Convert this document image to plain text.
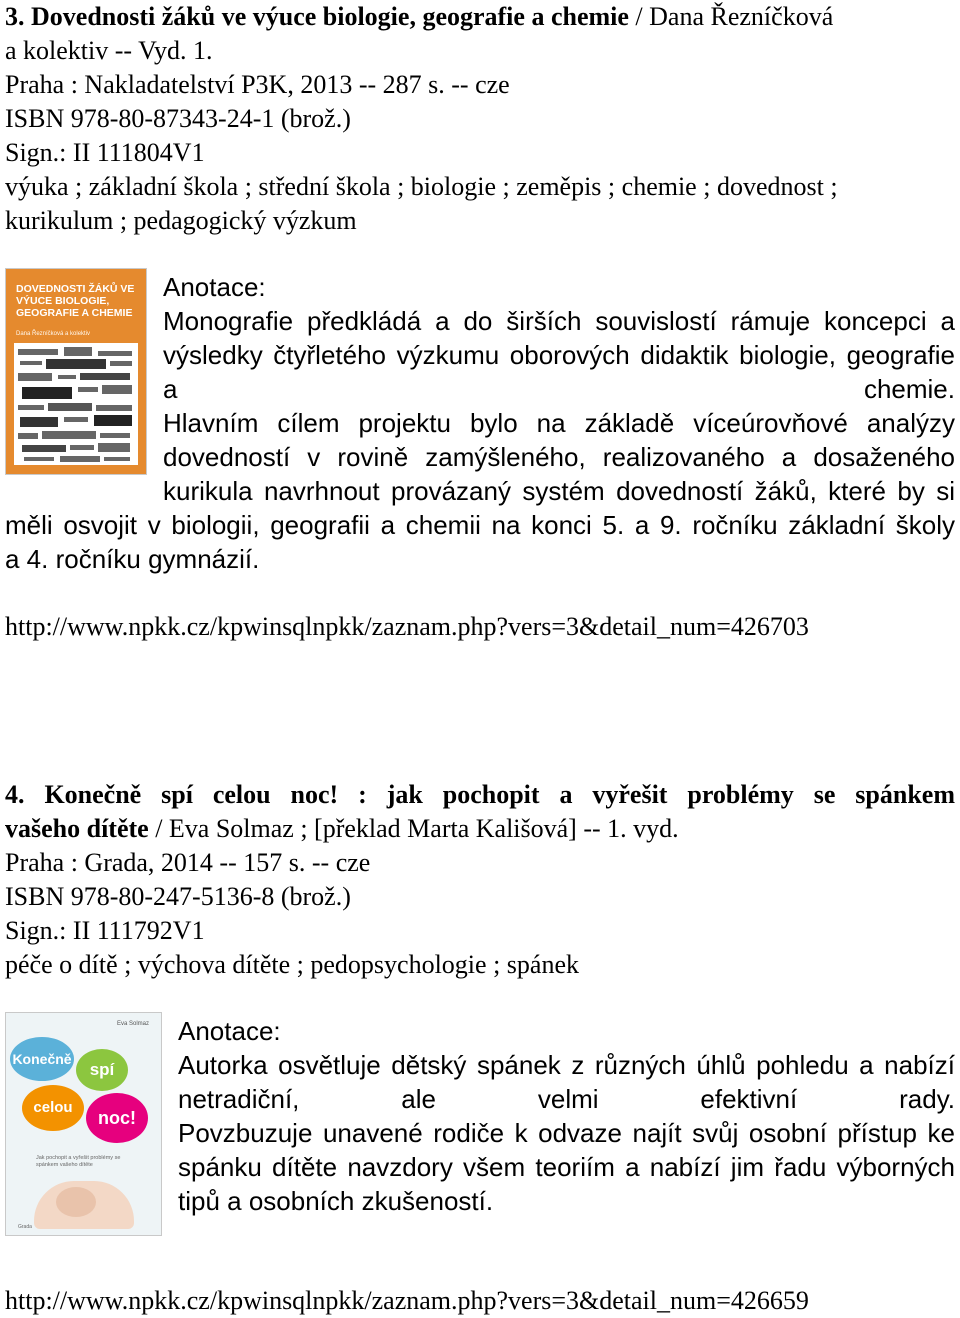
3. Dovednosti žáků ve výuce biologie, geografie a chemie / Dana Řezníčková
a kolektiv -- Vyd. 1.
Praha : Nakladatelství P3K, 2013 -- 287 s. -- cze
ISBN 978-80-87343-24-1 (brož.)
Sign.: II 111804V1
výuka ; základní škola ; střední škola ; biologie ; zeměpis ; chemie ; dovednost ;
kurikulum ; pedagogický výzkum
DOVEDNOSTI ŽÁKŮ VE VÝUCE BIOLOGIE, GEOGRAFIE A CHEMIE
Dana Řezníčková a kolektiv
Anotace:
Monografie předkládá a do širších souvislostí rámuje koncepci a výsledky čtyřletého výzkumu oborových didaktik biologie, geografie a chemie.
Hlavním cílem projektu bylo na základě víceúrovňové analýzy
dovedností v rovině zamýšleného, realizovaného a dosaženého
kurikula navrhnout provázaný systém dovedností žáků, které by si
měli osvojit v biologii, geografii a chemii na konci 5. a 9. ročníku základní školy
a 4. ročníku gymnázií.
http://www.npkk.cz/kpwinsqlnpkk/zaznam.php?vers=3&detail_num=426703
4. Konečně spí celou noc! : jak pochopit a vyřešit problémy se spánkem
vašeho dítěte / Eva Solmaz ; [překlad Marta Kališová] -- 1. vyd.
Praha : Grada, 2014 -- 157 s. -- cze
ISBN 978-80-247-5136-8 (brož.)
Sign.: II 111792V1
péče o dítě ; výchova dítěte ; pedopsychologie ; spánek
Eva Solmaz
Konečně
spí
celou
noc!
Jak pochopit a vyřešit problémy se spánkem vašeho dítěte
Grada
Anotace:
Autorka osvětluje dětský spánek z různých úhlů pohledu a nabízí netradiční, ale velmi efektivní rady.
Povzbuzuje unavené rodiče k odvaze najít svůj osobní přístup ke spánku dítěte navzdory všem teoriím a nabízí jim řadu výborných tipů a osobních zkušeností.
http://www.npkk.cz/kpwinsqlnpkk/zaznam.php?vers=3&detail_num=426659
